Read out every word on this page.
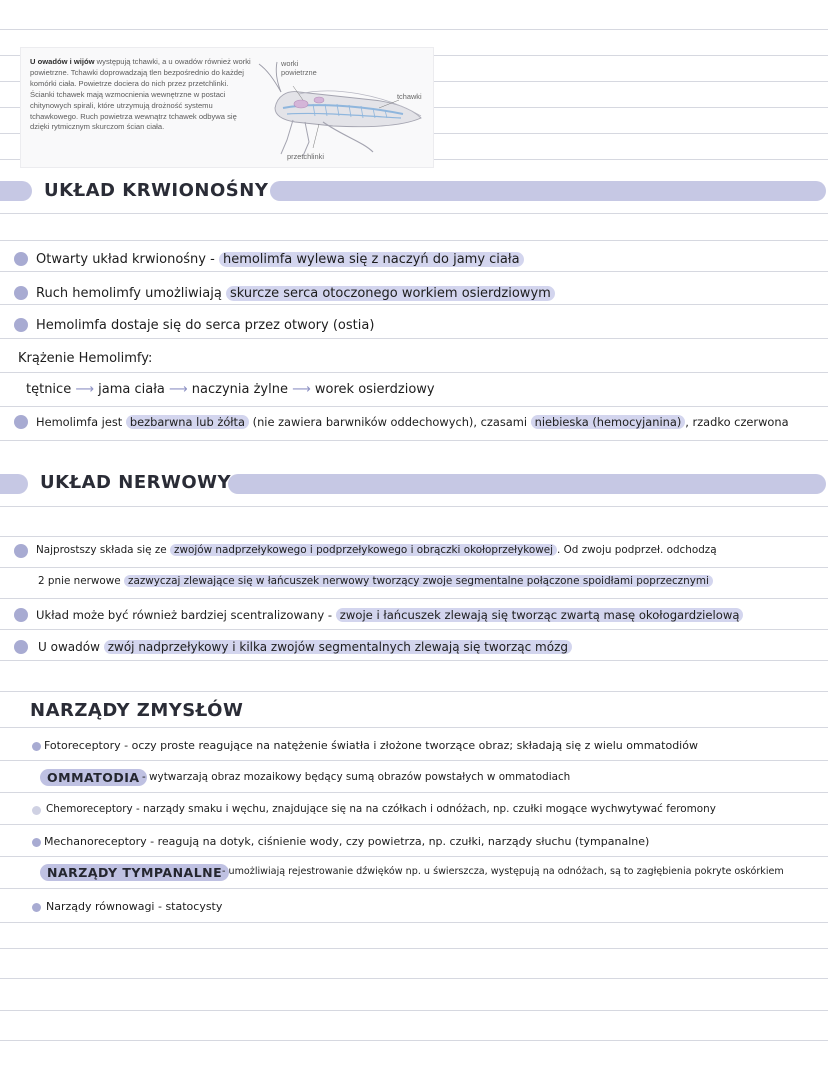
U owadów i wijów występują tchawki, a u owadów również worki powietrzne. Tchawki doprowadzają tlen bezpośrednio do każdej komórki ciała. Powietrze dociera do nich przez przetchlinki. Ścianki tchawek mają wzmocnienia wewnętrzne w postaci chitynowych spirali, które utrzymują drożność systemu tchawkowego. Ruch powietrza wewnątrz tchawek odbywa się dzięki rytmicznym skurczom ścian ciała.
worki
powietrzne
tchawki
przetchlinki
UKŁAD KRWIONOŚNY
Otwarty układ krwionośny - hemolimfa wylewa się z naczyń do jamy ciała
Ruch hemolimfy umożliwiają skurcze serca otoczonego workiem osierdziowym
Hemolimfa dostaje się do serca przez otwory (ostia)
Krążenie Hemolimfy:
tętnice ⟶ jama ciała ⟶ naczynia żylne ⟶ worek osierdziowy
Hemolimfa jest bezbarwna lub żółta (nie zawiera barwników oddechowych), czasami niebieska (hemocyjanina) , rzadko czerwona
UKŁAD NERWOWY
Najprostszy składa się ze zwojów nadprzełykowego i podprzełykowego i obrączki okołoprzełykowej . Od zwoju podprzeł. odchodzą
2 pnie nerwowe zazwyczaj zlewające się w łańcuszek nerwowy tworzący zwoje segmentalne połączone spoidłami poprzecznymi
Układ może być również bardziej scentralizowany - zwoje i łańcuszek zlewają się tworząc zwartą masę okołogardzielową
U owadów zwój nadprzełykowy i kilka zwojów segmentalnych zlewają się tworząc mózg
NARZĄDY ZMYSŁÓW
Fotoreceptory - oczy proste reagujące na natężenie światła i złożone tworzące obraz; składają się z wielu ommatodiów
OMMATODIA - wytwarzają obraz mozaikowy będący sumą obrazów powstałych w ommatodiach
Chemoreceptory - narządy smaku i węchu, znajdujące się na na czółkach i odnóżach, np. czułki mogące wychwytywać feromony
Mechanoreceptory - reagują na dotyk, ciśnienie wody, czy powietrza, np. czułki, narządy słuchu (tympanalne)
NARZĄDY TYMPANALNE - umożliwiają rejestrowanie dźwięków np. u świerszcza, występują na odnóżach, są to zagłębienia pokryte oskórkiem
Narządy równowagi - statocysty
